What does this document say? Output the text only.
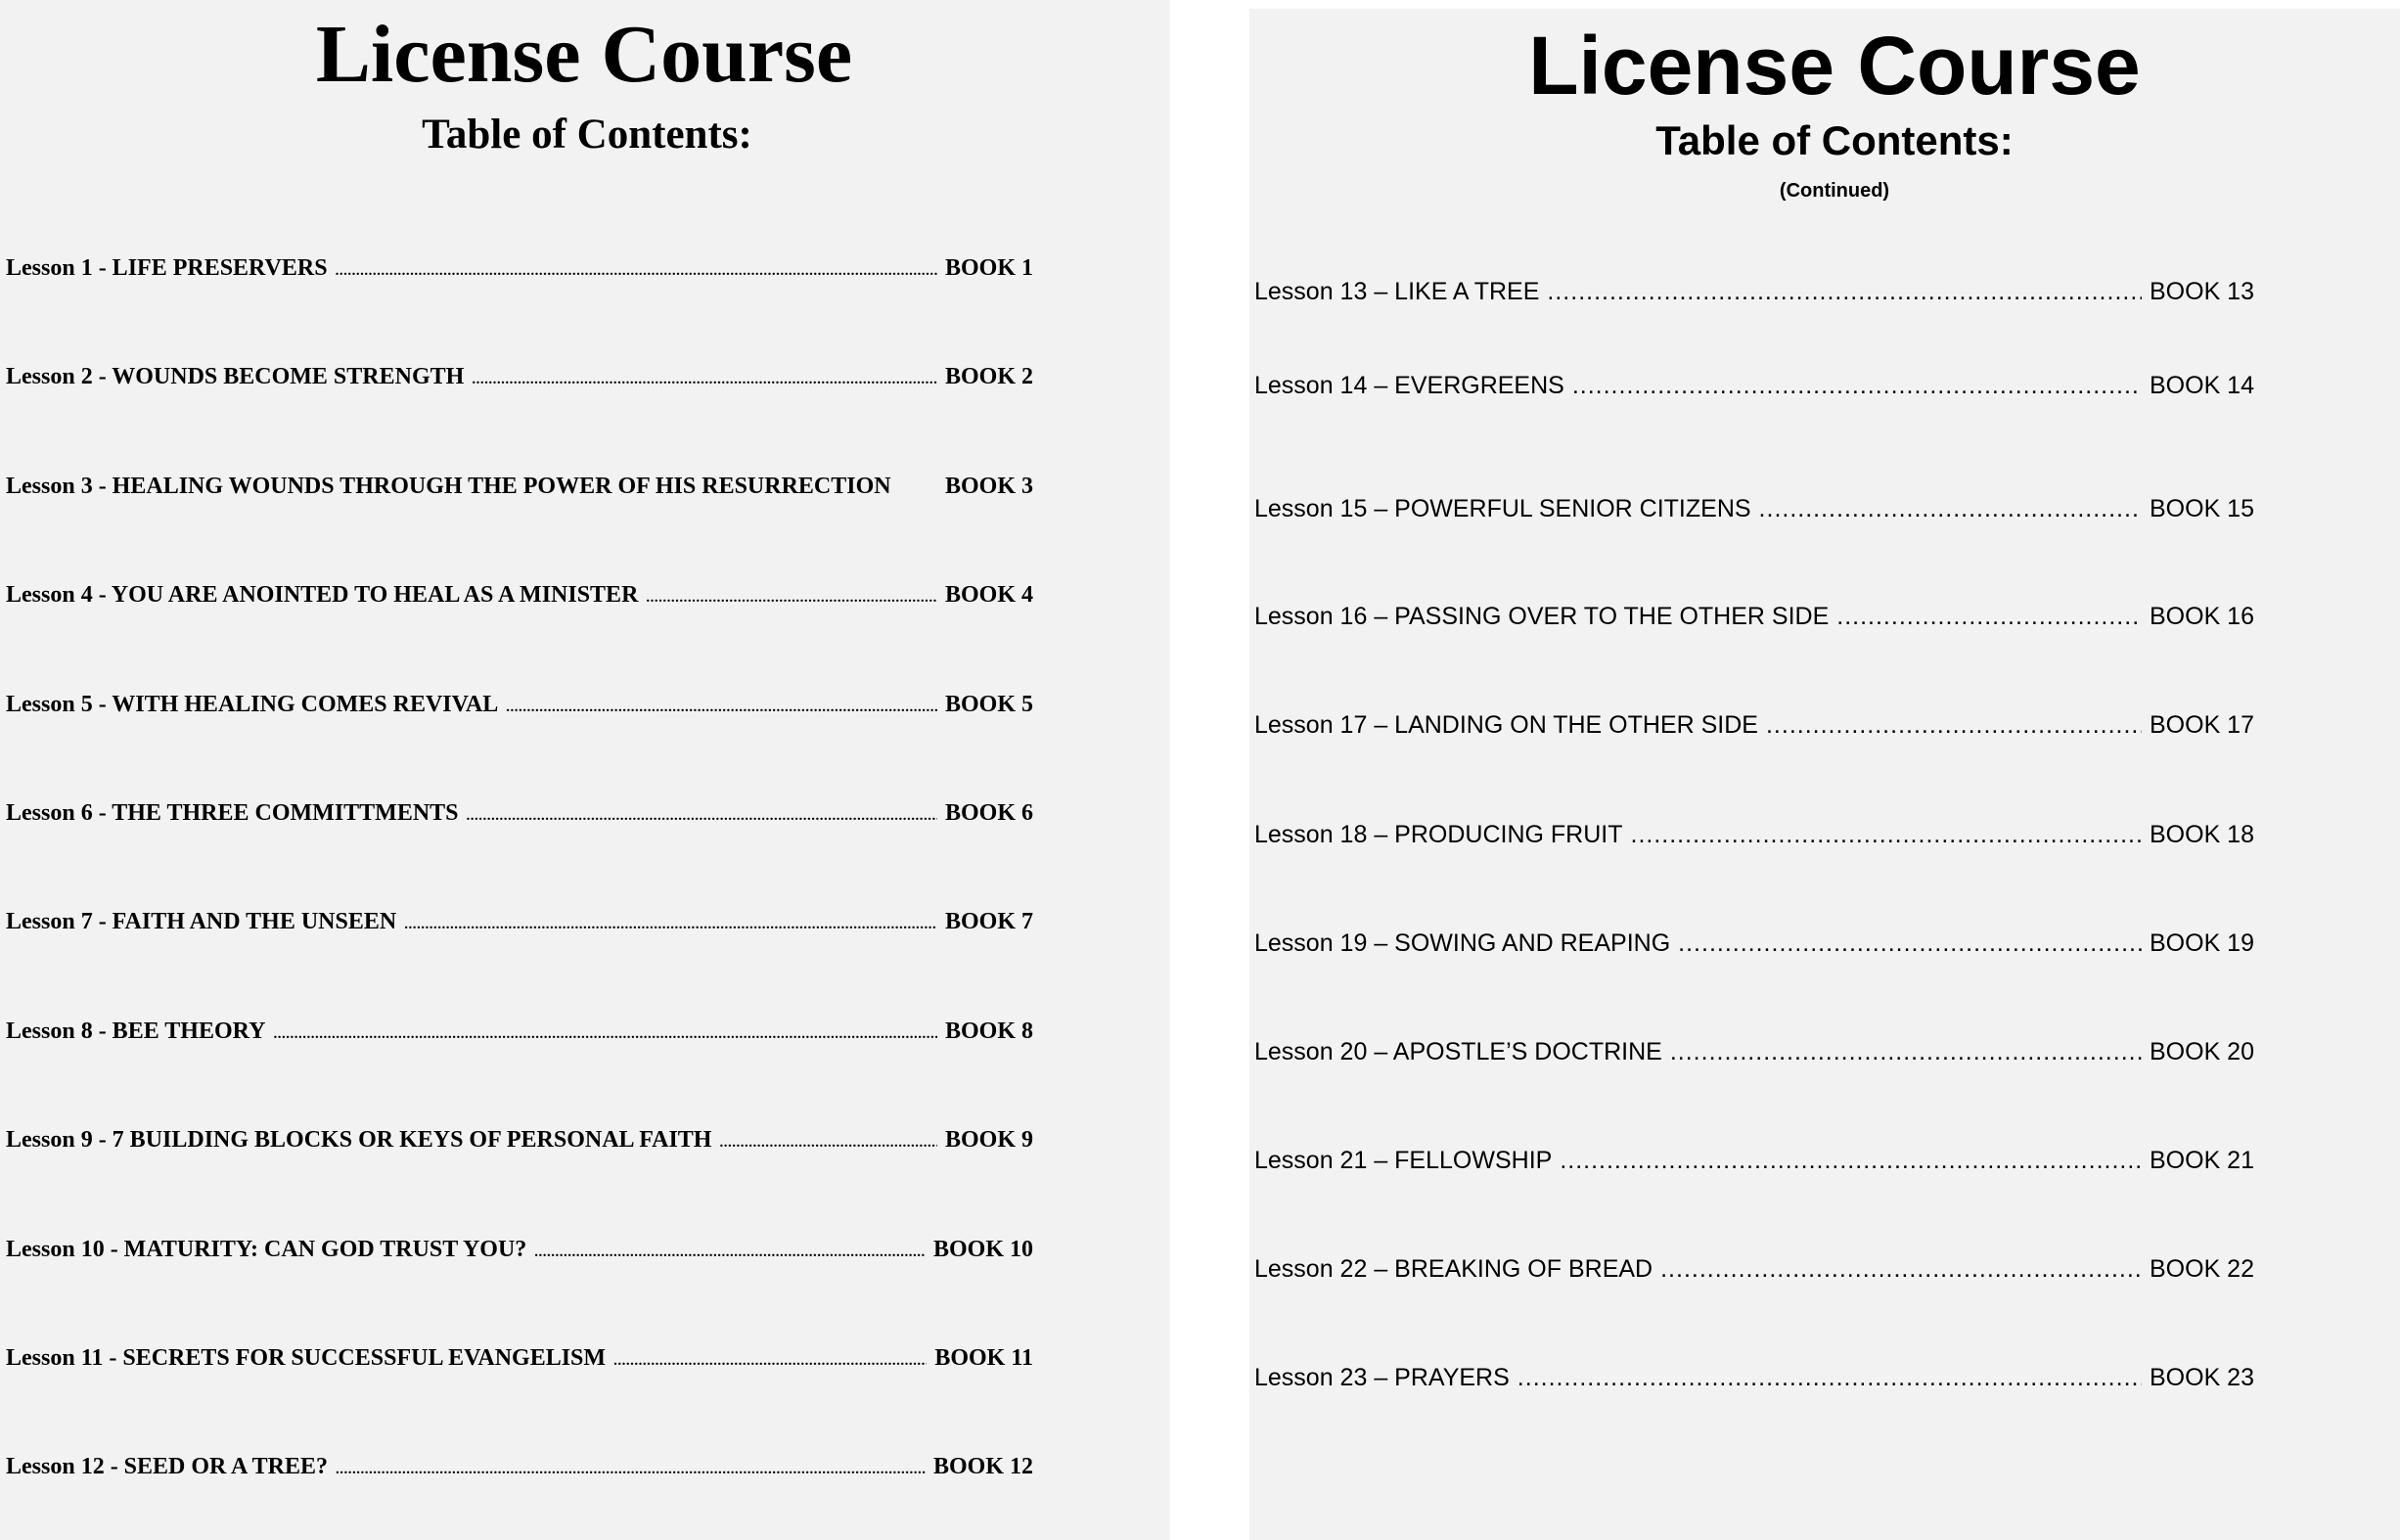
License Course
Table of Contents:
Lesson 1 - LIFE PRESERVERS .....	BOOK 1
Lesson 2 - WOUNDS BECOME STRENGTH .....	BOOK 2
Lesson 3 - HEALING WOUNDS THROUGH THE POWER OF HIS RESURRECTION BOOK 3
Lesson 4 - YOU ARE ANOINTED TO HEAL AS A MINISTER .....	BOOK 4
Lesson 5 - WITH HEALING COMES REVIVAL .....	BOOK 5
Lesson 6 - THE THREE COMMITTMENTS .....	BOOK 6
Lesson 7 - FAITH AND THE UNSEEN .....	BOOK 7
Lesson 8 - BEE THEORY .....	BOOK 8
Lesson 9 - 7 BUILDING BLOCKS OR KEYS OF PERSONAL FAITH .....	BOOK 9
Lesson 10 - MATURITY: CAN GOD TRUST YOU? .....	BOOK 10
Lesson 11 - SECRETS FOR SUCCESSFUL EVANGELISM .....	BOOK 11
Lesson 12 - SEED OR A TREE? .....	BOOK 12
License Course
Table of Contents:
(Continued)
Lesson 13 – LIKE A TREE .....	BOOK 13
Lesson 14 – EVERGREENS .....	BOOK 14
Lesson 15 – POWERFUL SENIOR CITIZENS .....	BOOK 15
Lesson 16 – PASSING OVER TO THE OTHER SIDE .....	BOOK 16
Lesson 17 – LANDING ON THE OTHER SIDE .....	BOOK 17
Lesson 18 – PRODUCING FRUIT .....	BOOK 18
Lesson 19 – SOWING AND REAPING .....	BOOK 19
Lesson 20 – APOSTLE’S DOCTRINE .....	BOOK 20
Lesson 21 – FELLOWSHIP .....	BOOK 21
Lesson 22 – BREAKING OF BREAD .....	BOOK 22
Lesson 23 – PRAYERS .....	BOOK 23
